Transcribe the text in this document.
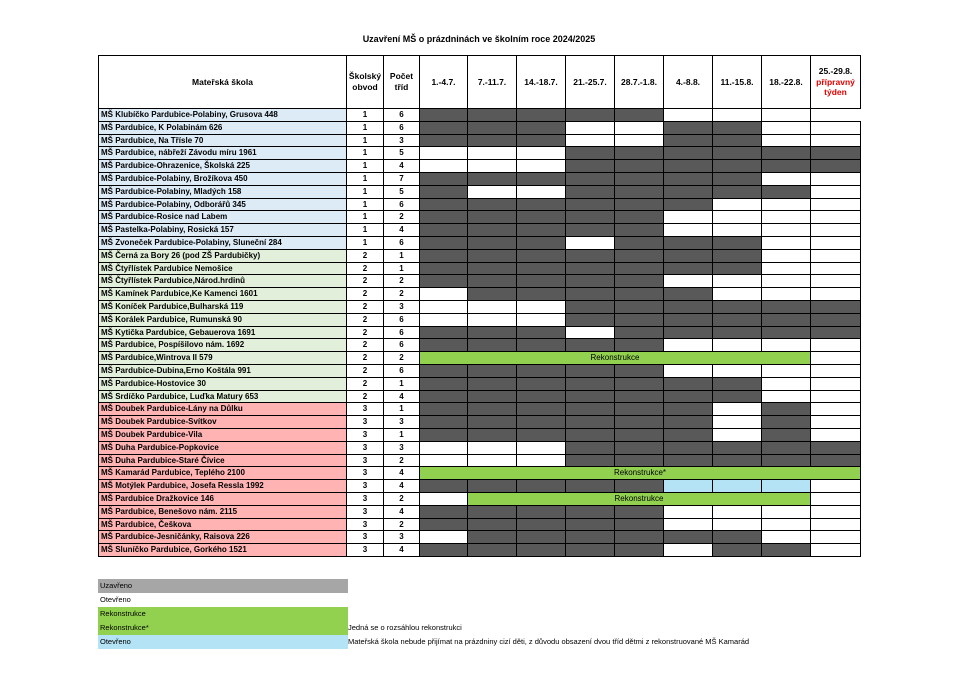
Uzavření MŠ o prázdninách ve školním roce 2024/2025
Mateřská škola	Školský obvod	Počet tříd	1.-4.7.	7.-11.7.	14.-18.7.	21.-25.7.	28.7.-1.8.	4.-8.8.	11.-15.8.	18.-22.8.	25.-29.8.
přípravný týden
MŠ Klubíčko Pardubice-Polabiny, Grusova 448	1	6									
MŠ Pardubice, K Polabinám 626	1	6									
MŠ Pardubice, Na Třísle 70	1	3									
MŠ Pardubice, nábřeží Závodu míru 1961	1	5									
MŠ Pardubice-Ohrazenice, Školská 225	1	4									
MŠ Pardubice-Polabiny, Brožíkova 450	1	7									
MŠ Pardubice-Polabiny, Mladých 158	1	5									
MŠ Pardubice-Polabiny, Odborářů 345	1	6									
MŠ Pardubice-Rosice nad Labem	1	2									
MŠ Pastelka-Polabiny, Rosická 157	1	4									
MŠ Zvoneček Pardubice-Polabiny, Sluneční 284	1	6									
MŠ Černá za Bory 26 (pod ZŠ Pardubičky)	2	1									
MŠ Čtyřlístek Pardubice Nemošice	2	1									
MŠ Čtyřlístek Pardubice,Národ.hrdinů	2	2									
MŠ Kamínek Pardubice,Ke Kamenci 1601	2	2									
MŠ Koníček Pardubice,Bulharská 119	2	3									
MŠ Korálek Pardubice, Rumunská 90	2	6									
MŠ Kytička Pardubice, Gebauerova 1691	2	6									
MŠ Pardubice, Pospíšilovo nám. 1692	2	6									
MŠ Pardubice,Wintrova II 579	2	2	Rekonstrukce								
MŠ Pardubice-Dubina,Erno Koštála 991	2	6									
MŠ Pardubice-Hostovice 30	2	1									
MŠ Srdíčko Pardubice, Luďka Matury 653	2	4									
MŠ Doubek Pardubice-Lány na Důlku	3	1									
MŠ Doubek Pardubice-Svítkov	3	3									
MŠ Doubek Pardubice-Vila	3	1									
MŠ Duha Pardubice-Popkovice	3	3									
MŠ Duha Pardubice-Staré Čívice	3	2									
MŠ Kamarád Pardubice, Teplého 2100	3	4	Rekonstrukce*								
MŠ Motýlek Pardubice, Josefa Ressla 1992	3	4									
MŠ Pardubice Dražkovice 146	3	2		Rekonstrukce							
MŠ Pardubice, Benešovo nám. 2115	3	4									
MŠ Pardubice, Češkova	3	2									
MŠ Pardubice-Jesničánky, Raisova 226	3	3									
MŠ Sluníčko Pardubice, Gorkého 1521	3	4									
Uzavřeno
Otevřeno
Rekonstrukce
Rekonstrukce*	Jedná se o rozsáhlou rekonstrukci
Otevřeno	Mateřská škola nebude přijímat na prázdniny cizí děti, z důvodu obsazení dvou tříd dětmi z rekonstruované MŠ Kamarád
